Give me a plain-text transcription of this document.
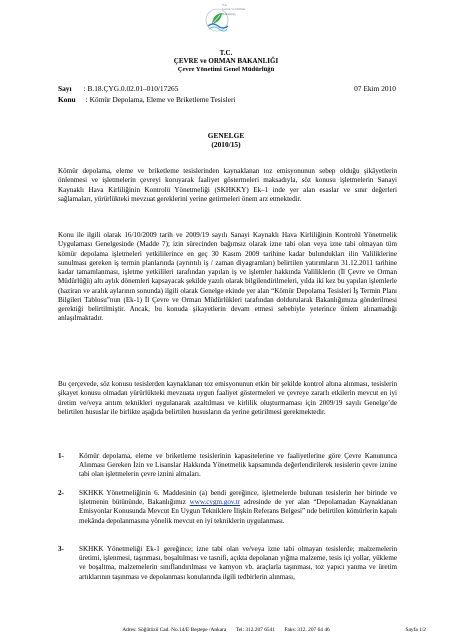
T.C.
Çevre ve Orman
Bakanlığı
T.C.
ÇEVRE ve ORMAN BAKANLIĞI
Çevre Yönetimi Genel Müdürlüğü
Sayı : B.18.ÇYG.0.02.01–010/17265	07 Ekim 2010
Konu : Kömür Depolama, Eleme ve Briketleme Tesisleri
GENELGE
(2010/15)
Kömür depolama, eleme ve briketleme tesislerinden kaynaklanan toz emisyonunun sebep olduğu şikâyetlerin önlenmesi ve işletmelerin çevreyi koruyarak faaliyet göstermeleri maksadıyla, söz konusu işletmelerin Sanayi Kaynaklı Hava Kirliliğinin Kontrolü Yönetmeliği (SKHKKY) Ek–1 inde yer alan esaslar ve sınır değerleri sağlamaları, yürürlükteki mevzuat gereklerini yerine getirmeleri önem arz etmektedir.
Konu ile ilgili olarak 16/10/2009 tarih ve 2009/19 sayılı Sanayi Kaynaklı Hava Kirliliğinin Kontrolü Yönetmelik Uygulaması Genelgesinde (Madde 7); izin sürecinden bağımsız olarak izne tabi olan veya izne tabi olmayan tüm kömür depolama işletmeleri yetkililerince en geç 30 Kasım 2009 tarihine kadar bulundukları ilin Valiliklerine sunulması gereken iş termin planlarında (ayrıntılı iş / zaman diyagramları) belirtilen yatırımların 31.12.2011 tarihine kadar tamamlanması, işletme yetkilileri tarafından yapılan iş ve işlemler hakkında Valiliklerin (İl Çevre ve Orman Müdürlüğü) altı aylık dönemleri kapsayacak şekilde yazılı olarak bilgilendirilmeleri, yılda iki kez bu yapılan işlemlerle (haziran ve aralık aylarının sonunda) ilgili olarak Genelge ekinde yer alan “Kömür Depolama Tesisleri İş Termin Planı Bilgileri Tablosu”nun (Ek-1) İl Çevre ve Orman Müdürlükleri tarafından doldurularak Bakanlığımıza gönderilmesi gerektiği belirtilmiştir. Ancak, bu konuda şikayetlerin devam etmesi sebebiyle yeterince önlem alınamadığı anlaşılmaktadır.
Bu çerçevede, söz konusu tesislerden kaynaklanan toz emisyonunun etkin bir şekilde kontrol altına alınması, tesislerin şikayet konusu olmadan yürürlükteki mevzuata uygun faaliyet göstermeleri ve çevreye zararlı etkilerin mevcut en iyi üretim ve/veya arıtım teknikleri uygulanarak azaltılması ve kirlilik oluşturmaması için 2009/19 sayılı Genelge’de belirtilen hususlar ile birlikte aşağıda belirtilen hususların da yerine getirilmesi gerekmektedir.
1- Kömür depolama, eleme ve briketleme tesislerinin kapasitelerine ve faaliyetlerine göre Çevre Kanununca Alınması Gereken İzin ve Lisanslar Hakkında Yönetmelik kapsamında değerlendirilerek tesislerin çevre iznine tabi olan işletmelerin çevre iznini almaları.
2- SKHKK Yönetmeliğinin 6. Maddesinin (a) bendi gereğince, işletmelerde bulunan tesislerin her birinde ve işletmenin bütününde, Bakanlığımız www.cygm.gov.tr adresinde de yer alan “Depolamadan Kaynaklanan Emisyonlar Konusunda Mevcut En Uygun Tekniklere İlişkin Referans Belgesi” nde belirtilen kömürlerin kapalı mekânda depolanmasına yönelik mevcut en iyi tekniklerin uygulanması.
3- SKHKK Yönetmeliği Ek-1 gereğince; izne tabi olan ve/veya izne tabi olmayan tesislerde; malzemelerin üretimi, işlenmesi, taşınması, boşaltılması ve tasnifi, açıkta depolanan yığma malzeme, tesis içi yollar, yükleme ve boşaltma, malzemelerin sınıflandırılması ve kamyon vb. araçlarla taşınması, toz yapıcı yanma ve üretim artıklarının taşınması ve depolanması konularında ilgili tedbirlerin alınması,
Adres: Söğütözü Cad. No.14/E Beştepe /Ankara Tel: 312.207 6541 Faks: 312. 207 64 46	Sayfa 1/2
